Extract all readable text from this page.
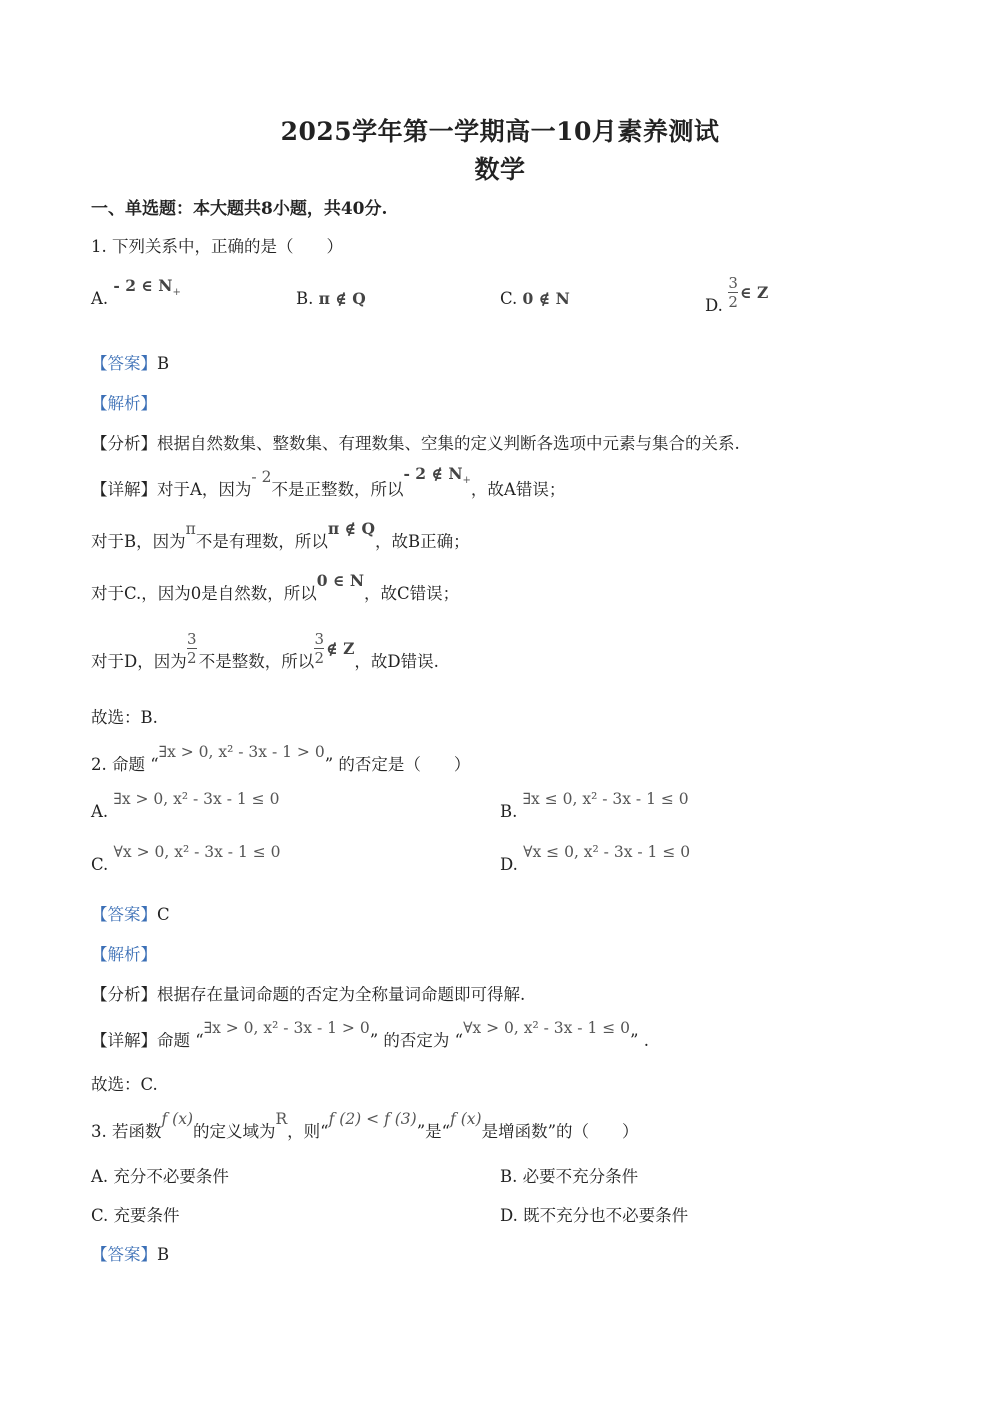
2025学年第一学期高一10月素养测试
数学
一、单选题：本大题共8小题，共40分.
1. 下列关系中，正确的是（　　）
A. - 2 ∈ $N_+$	B. π ∉ Q	C. 0 ∉ N	D. $\frac{3}{2}$ ∈ Z
【答案】B
【解析】
【分析】根据自然数集、整数集、有理数集、空集的定义判断各选项中元素与集合的关系.
【详解】对于A，因为- 2不是正整数，所以- 2 ∉ $N_+$，故A错误；
对于B，因为π不是有理数，所以π ∉ Q，故B正确；
对于C.，因为0是自然数，所以0 ∈ N，故C错误；
对于D，因为 $\frac{3}{2}$ 不是整数，所以 $\frac{3}{2}$ ∉ Z，故D错误.
故选：B.
2. 命题 “∃x > 0, x² - 3x - 1 > 0” 的否定是（　　）
A. ∃x > 0, x² - 3x - 1 ≤ 0
B. ∃x ≤ 0, x² - 3x - 1 ≤ 0
C. ∀x > 0, x² - 3x - 1 ≤ 0
D. ∀x ≤ 0, x² - 3x - 1 ≤ 0
【答案】C
【解析】
【分析】根据存在量词命题的否定为全称量词命题即可得解.
【详解】命题 “∃x > 0, x² - 3x - 1 > 0” 的否定为 “∀x > 0, x² - 3x - 1 ≤ 0” .
故选：C.
3. 若函数f (x)的定义域为R，则“f (2) < f (3)”是“f (x)是增函数”的（　　）
A. 充分不必要条件	B. 必要不充分条件
C. 充要条件	D. 既不充分也不必要条件
【答案】B
